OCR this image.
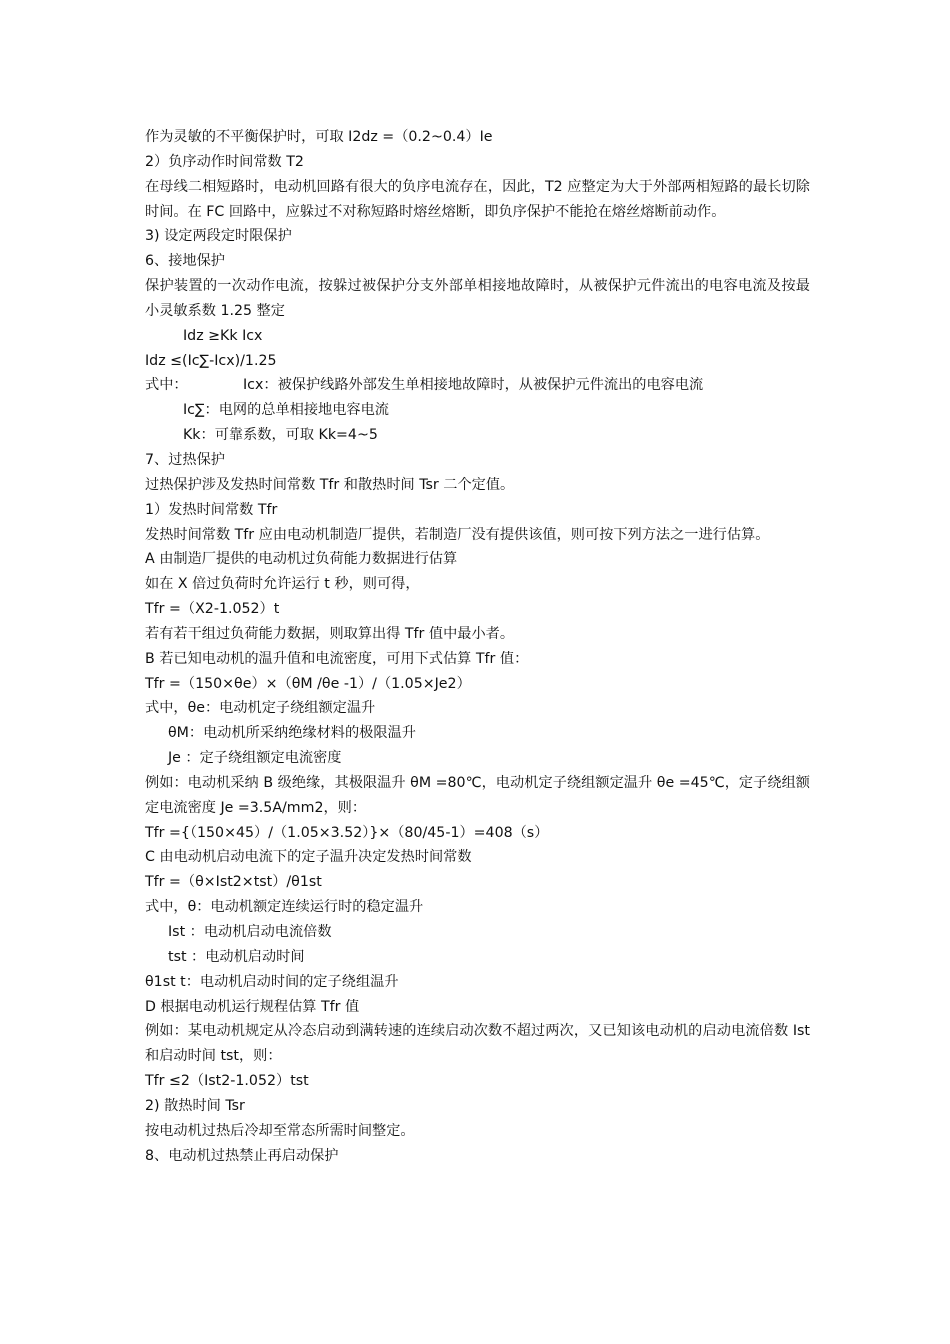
作为灵敏的不平衡保护时，可取 I2dz =（0.2~0.4）Ie
2）负序动作时间常数 T2
在母线二相短路时，电动机回路有很大的负序电流存在，因此，T2 应整定为大于外部两相短路的最长切除时间。在 FC 回路中，应躲过不对称短路时熔丝熔断，即负序保护不能抢在熔丝熔断前动作。
3) 设定两段定时限保护
6、接地保护
保护装置的一次动作电流，按躲过被保护分支外部单相接地故障时，从被保护元件流出的电容电流及按最小灵敏系数 1.25 整定
Idz ≥Kk Icx
Idz ≤(Ic∑-Icx)/1.25
式中：	Icx：被保护线路外部发生单相接地故障时，从被保护元件流出的电容电流
Ic∑：电网的总单相接地电容电流
Kk：可靠系数，可取 Kk=4~5
7、过热保护
过热保护涉及发热时间常数 Tfr 和散热时间 Tsr 二个定值。
1）发热时间常数 Tfr
发热时间常数 Tfr 应由电动机制造厂提供，若制造厂没有提供该值，则可按下列方法之一进行估算。
A 由制造厂提供的电动机过负荷能力数据进行估算
如在 X 倍过负荷时允许运行 t 秒，则可得，
Tfr =（X2-1.052）t
若有若干组过负荷能力数据，则取算出得 Tfr 值中最小者。
B 若已知电动机的温升值和电流密度，可用下式估算 Tfr 值：
Tfr =（150×θe）×（θM /θe -1）/（1.05×Je2）
式中，θe：电动机定子绕组额定温升
θM：电动机所采纳绝缘材料的极限温升
Je ：定子绕组额定电流密度
例如：电动机采纳 B 级绝缘，其极限温升 θM =80℃，电动机定子绕组额定温升 θe =45℃，定子绕组额定电流密度 Je =3.5A/mm2，则：
Tfr ={（150×45）/（1.05×3.52）}×（80/45-1）=408（s）
C 由电动机启动电流下的定子温升决定发热时间常数
Tfr =（θ×Ist2×tst）/θ1st
式中，θ：电动机额定连续运行时的稳定温升
Ist ：电动机启动电流倍数
tst ：电动机启动时间
θ1st t：电动机启动时间的定子绕组温升
D 根据电动机运行规程估算 Tfr 值
例如：某电动机规定从冷态启动到满转速的连续启动次数不超过两次，又已知该电动机的启动电流倍数 Ist 和启动时间 tst，则：
Tfr ≤2（Ist2-1.052）tst
2) 散热时间 Tsr
按电动机过热后冷却至常态所需时间整定。
8、电动机过热禁止再启动保护
